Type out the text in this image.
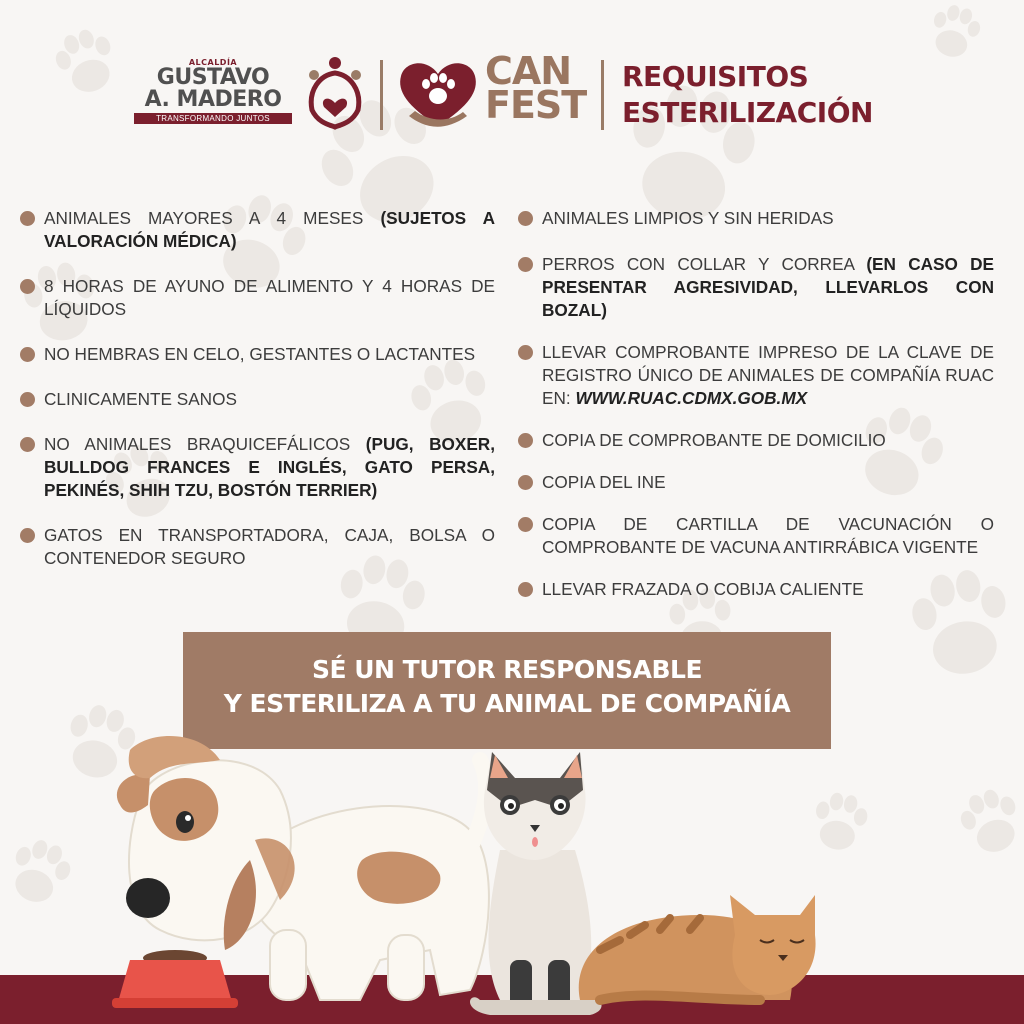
ALCALDÍA
GUSTAVO
A. MADERO
TRANSFORMANDO JUNTOS
CAN
FEST
REQUISITOS
ESTERILIZACIÓN
ANIMALES MAYORES A 4 MESES (SUJETOS A VALORACIÓN MÉDICA)
8 HORAS DE AYUNO DE ALIMENTO Y 4 HORAS DE LÍQUIDOS
NO HEMBRAS EN CELO, GESTANTES O LACTANTES
CLINICAMENTE SANOS
NO ANIMALES BRAQUICEFÁLICOS (PUG, BOXER, BULLDOG FRANCES E INGLÉS, GATO PERSA, PEKINÉS, SHIH TZU, BOSTÓN TERRIER)
GATOS EN TRANSPORTADORA, CAJA, BOLSA O CONTENEDOR SEGURO
ANIMALES LIMPIOS Y SIN HERIDAS
PERROS CON COLLAR Y CORREA (EN CASO DE PRESENTAR AGRESIVIDAD, LLEVARLOS CON BOZAL)
LLEVAR COMPROBANTE IMPRESO DE LA CLAVE DE REGISTRO ÚNICO DE ANIMALES DE COMPAÑÍA RUAC EN: WWW.RUAC.CDMX.GOB.MX
COPIA DE COMPROBANTE DE DOMICILIO
COPIA DEL INE
COPIA DE CARTILLA DE VACUNACIÓN O COMPROBANTE DE VACUNA ANTIRRÁBICA VIGENTE
LLEVAR FRAZADA O COBIJA CALIENTE
SÉ UN TUTOR RESPONSABLE
Y ESTERILIZA A TU ANIMAL DE COMPAÑÍA
